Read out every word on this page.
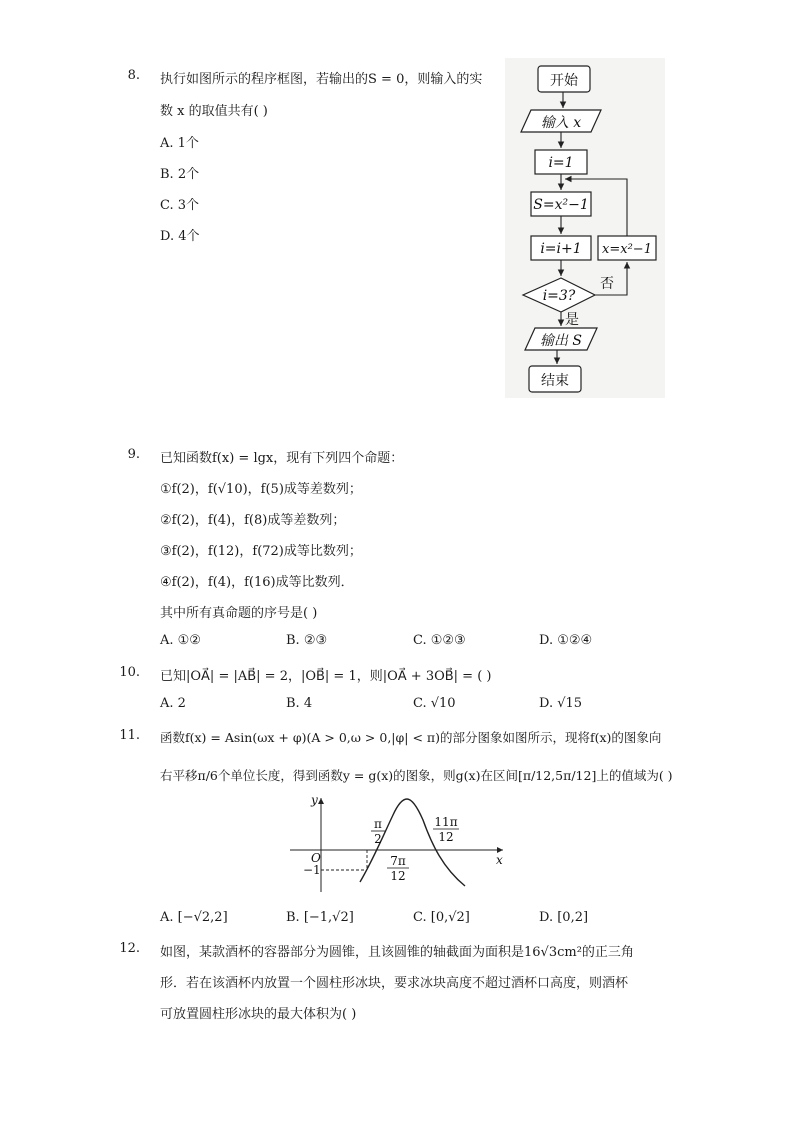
8. 执行如图所示的程序框图，若输出的S = 0，则输入的实
数 x 的取值共有( )
A. 1个
B. 2个
C. 3个
D. 4个
开始
输入 x
i=1
S=x²−1
i=i+1 x=x²−1
i=3?
否
是
输出 S
结束
9. 已知函数f(x) = lgx，现有下列四个命题：
①f(2)，f(√10)，f(5)成等差数列；
②f(2)，f(4)，f(8)成等差数列；
③f(2)，f(12)，f(72)成等比数列；
④f(2)，f(4)，f(16)成等比数列．
其中所有真命题的序号是( )
A. ①②	B. ②③	C. ①②③	D. ①②④
10. 已知|OA⃗| = |AB⃗| = 2，|OB⃗| = 1，则|OA⃗ + 3OB⃗| = ( )
A. 2	B. 4	C. √10	D. √15
11. 函数f(x) = Asin(ωx + φ)(A > 0,ω > 0,|φ| < π)的部分图象如图所示，现将f(x)的图象向
右平移π/6个单位长度，得到函数y = g(x)的图象，则g(x)在区间[π/12,5π/12]上的值域为( )
y
x
O
−1
π
2
7π
12
11π
12
A. [−√2,2]	B. [−1,√2]	C. [0,√2]	D. [0,2]
12. 如图，某款酒杯的容器部分为圆锥，且该圆锥的轴截面为面积是16√3cm²的正三角
形．若在该酒杯内放置一个圆柱形冰块，要求冰块高度不超过酒杯口高度，则酒杯
可放置圆柱形冰块的最大体积为( )
